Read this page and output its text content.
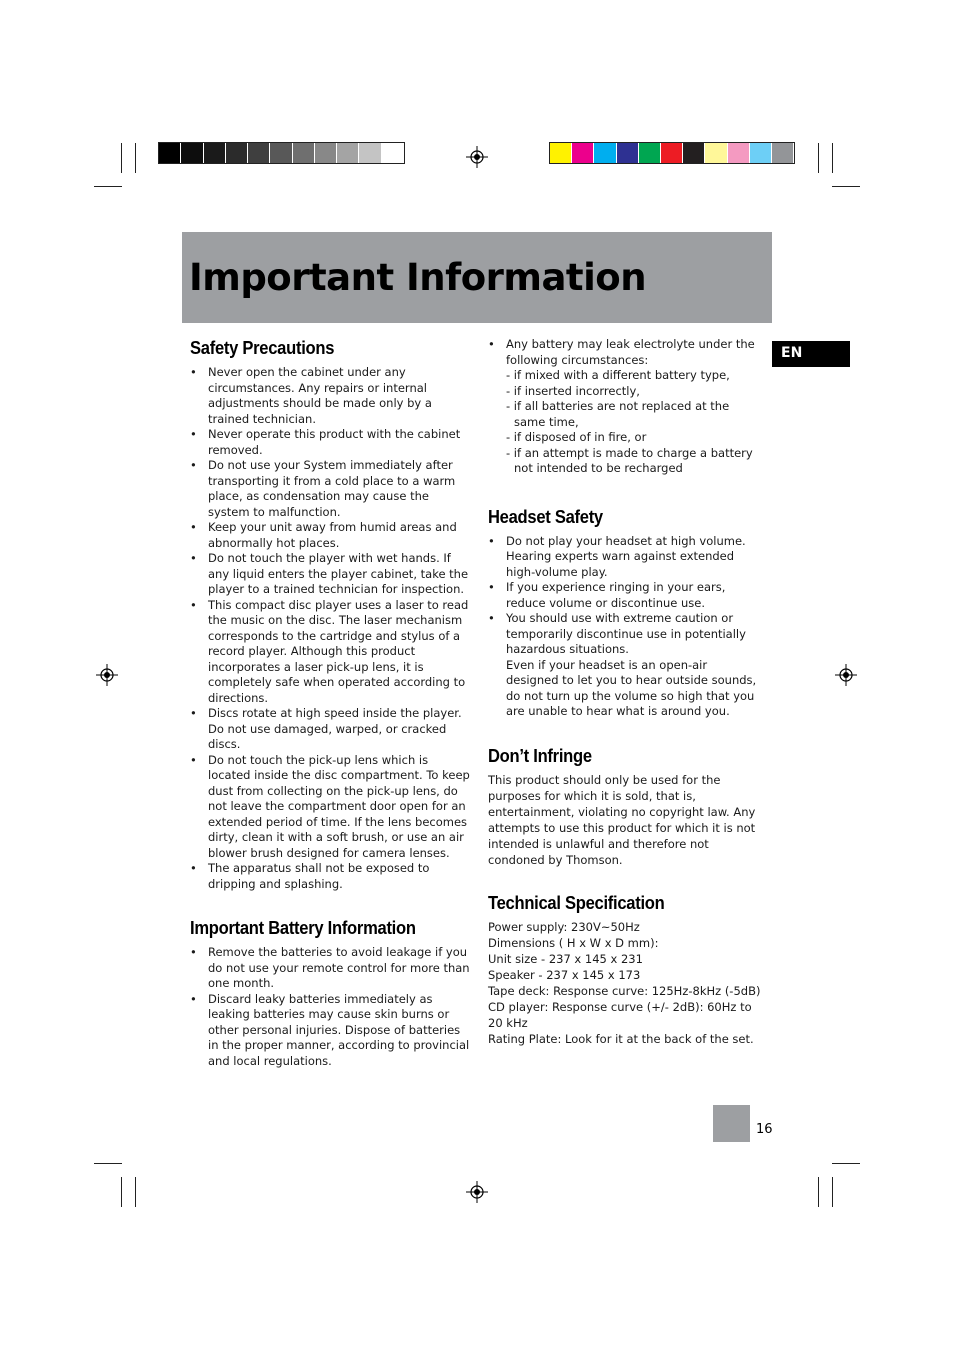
Important Information
EN
Safety Precautions
• Never open the cabinet under any circumstances. Any repairs or internal adjustments should be made only by a trained technician.
• Never operate this product with the cabinet removed.
• Do not use your System immediately after transporting it from a cold place to a warm place, as condensation may cause the system to malfunction.
• Keep your unit away from humid areas and abnormally hot places.
• Do not touch the player with wet hands. If any liquid enters the player cabinet, take the player to a trained technician for inspection.
• This compact disc player uses a laser to read the music on the disc. The laser mechanism corresponds to the cartridge and stylus of a record player. Although this product incorporates a laser pick-up lens, it is completely safe when operated according to directions.
• Discs rotate at high speed inside the player. Do not use damaged, warped, or cracked discs.
• Do not touch the pick-up lens which is located inside the disc compartment. To keep dust from collecting on the pick-up lens, do not leave the compartment door open for an extended period of time. If the lens becomes dirty, clean it with a soft brush, or use an air blower brush designed for camera lenses.
• The apparatus shall not be exposed to dripping and splashing.
Important Battery Information
• Remove the batteries to avoid leakage if you do not use your remote control for more than one month.
• Discard leaky batteries immediately as leaking batteries may cause skin burns or other personal injuries. Dispose of batteries in the proper manner, according to provincial and local regulations.
• Any battery may leak electrolyte under the following circumstances:
- if mixed with a different battery type,
- if inserted incorrectly,
- if all batteries are not replaced at the same time,
- if disposed of in fire, or
- if an attempt is made to charge a battery not intended to be recharged
Headset Safety
• Do not play your headset at high volume. Hearing experts warn against extended high-volume play.
• If you experience ringing in your ears, reduce volume or discontinue use.
• You should use with extreme caution or temporarily discontinue use in potentially hazardous situations.
Even if your headset is an open-air designed to let you to hear outside sounds, do not turn up the volume so high that you are unable to hear what is around you.
Don’t Infringe

This product should only be used for the purposes for which it is sold, that is, entertainment, violating no copyright law. Any attempts to use this product for which it is not intended is unlawful and therefore not condoned by Thomson.

Technical Specification
Power supply: 230V~50Hz
Dimensions ( H x W x D mm):
Unit size - 237 x 145 x 231
Speaker - 237 x 145 x 173
Tape deck: Response curve: 125Hz-8kHz (-5dB)
CD player: Response curve (+/- 2dB): 60Hz to 20 kHz
Rating Plate: Look for it at the back of the set.
16
